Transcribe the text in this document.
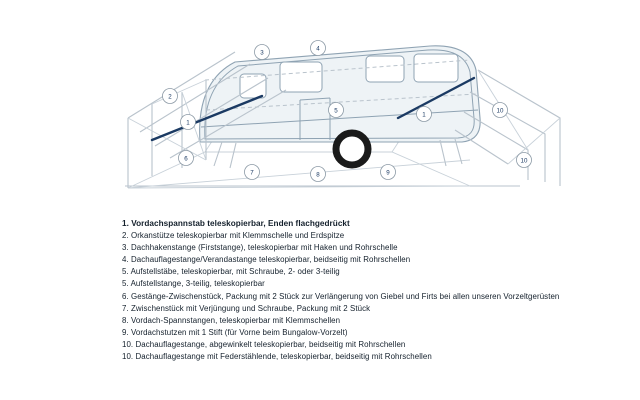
1
1
2
3
4
5
6
7	8	9
10
10
1. Vordachspannstab teleskopierbar, Enden flachgedrückt
2. Orkanstütze teleskopierbar mit Klemmschelle und Erdspitze
3. Dachhakenstange (Firststange), teleskopierbar mit Haken und Rohrschelle
4. Dachauflagestange/Verandastange teleskopierbar, beidseitig mit Rohrschellen
5. Aufstellstäbe, teleskopierbar, mit Schraube, 2- oder 3-teilig
5. Aufstellstange, 3-teilig, teleskopierbar
6. Gestänge-Zwischenstück, Packung mit 2 Stück zur Verlängerung von Giebel und Firts bei allen unseren Vorzeltgerüsten
7. Zwischenstück mit Verjüngung und Schraube, Packung mit 2 Stück
8. Vordach-Spannstangen, teleskopierbar mit Klemmschellen
9. Vordachstutzen mit 1 Stift (für Vorne beim Bungalow-Vorzelt)
10. Dachauflagestange, abgewinkelt teleskopierbar, beidseitig mit Rohrschellen
10. Dachauflagestange mit Federstählende, teleskopierbar, beidseitig mit Rohrschellen
